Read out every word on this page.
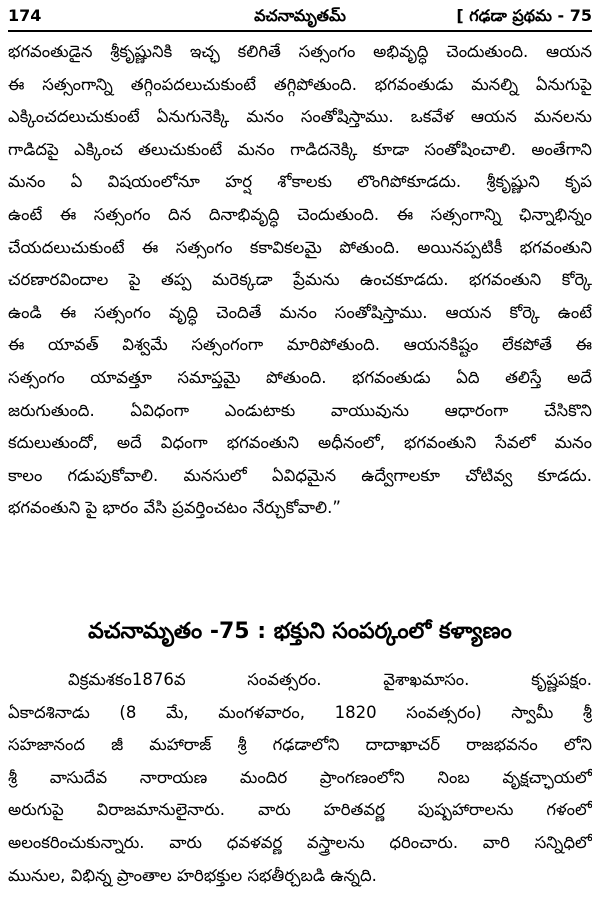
174	వచనామృతమ్	[ గఢడా ప్రథమ - 75
భగవంతుడైన శ్రీకృష్ణునికి ఇచ్ఛ కలిగితే సత్సంగం అభివృద్ధి చెందుతుంది. ఆయన
ఈ సత్సంగాన్ని తగ్గింపదలుచుకుంటే తగ్గిపోతుంది. భగవంతుడు మనల్ని ఏనుగుపై
ఎక్కించదలుచుకుంటే ఏనుగునెక్కి మనం సంతోషిస్తాము. ఒకవేళ ఆయన మనలను
గాడిదపై ఎక్కించ తలుచుకుంటే మనం గాడిదనెక్కి కూడా సంతోషించాలి. అంతేగాని
మనం ఏ విషయంలోనూ హర్ష శోకాలకు లొంగిపోకూడదు. శ్రీకృష్ణుని కృప
ఉంటే ఈ సత్సంగం దిన దినాభివృద్ధి చెందుతుంది. ఈ సత్సంగాన్ని ఛిన్నాభిన్నం
చేయదలుచుకుంటే ఈ సత్సంగం కకావికలమై పోతుంది. అయినప్పటికీ భగవంతుని
చరణారవిందాల పై తప్ప మరెక్కడా ప్రేమను ఉంచకూడదు. భగవంతుని కోర్కె
ఉండి ఈ సత్సంగం వృద్ధి చెందితే మనం సంతోషిస్తాము. ఆయన కోర్కె ఉంటే
ఈ యావత్ విశ్వమే సత్సంగంగా మారిపోతుంది. ఆయనకిష్టం లేకపోతే ఈ
సత్సంగం యావత్తూ సమాప్తమై పోతుంది. భగవంతుడు ఏది తలిస్తే అదే
జరుగుతుంది. ఏవిధంగా ఎండుటాకు వాయువును ఆధారంగా చేసికొని
కదులుతుందో, అదే విధంగా భగవంతుని అధీనంలో, భగవంతుని సేవలో మనం
కాలం గడుపుకోవాలి. మనసులో ఏవిధమైన ఉద్వేగాలకూ చోటివ్వ కూడదు.
భగవంతుని పై భారం వేసి ప్రవర్తించటం నేర్చుకోవాలి.”
వచనామృతం -75 : భక్తుని సంపర్కంలో కళ్యాణం
విక్రమశకం1876వ సంవత్సరం. వైశాఖమాసం. కృష్ణపక్షం.
ఏకాదశినాడు (8 మే, మంగళవారం, 1820 సంవత్సరం) స్వామీ శ్రీ
సహజానంద జీ మహారాజ్ శ్రీ గఢడాలోని దాదాఖాచర్ రాజభవనం లోని
శ్రీ వాసుదేవ నారాయణ మందిర ప్రాంగణంలోని నింబ వృక్షచ్ఛాయలో
అరుగుపై విరాజమానులైనారు. వారు హరితవర్ణ పుష్పహారాలను గళంలో
అలంకరించుకున్నారు. వారు ధవళవర్ణ వస్త్రాలను ధరించారు. వారి సన్నిధిలో
మునుల, విభిన్న ప్రాంతాల హరిభక్తుల సభతీర్చబడి ఉన్నది.
